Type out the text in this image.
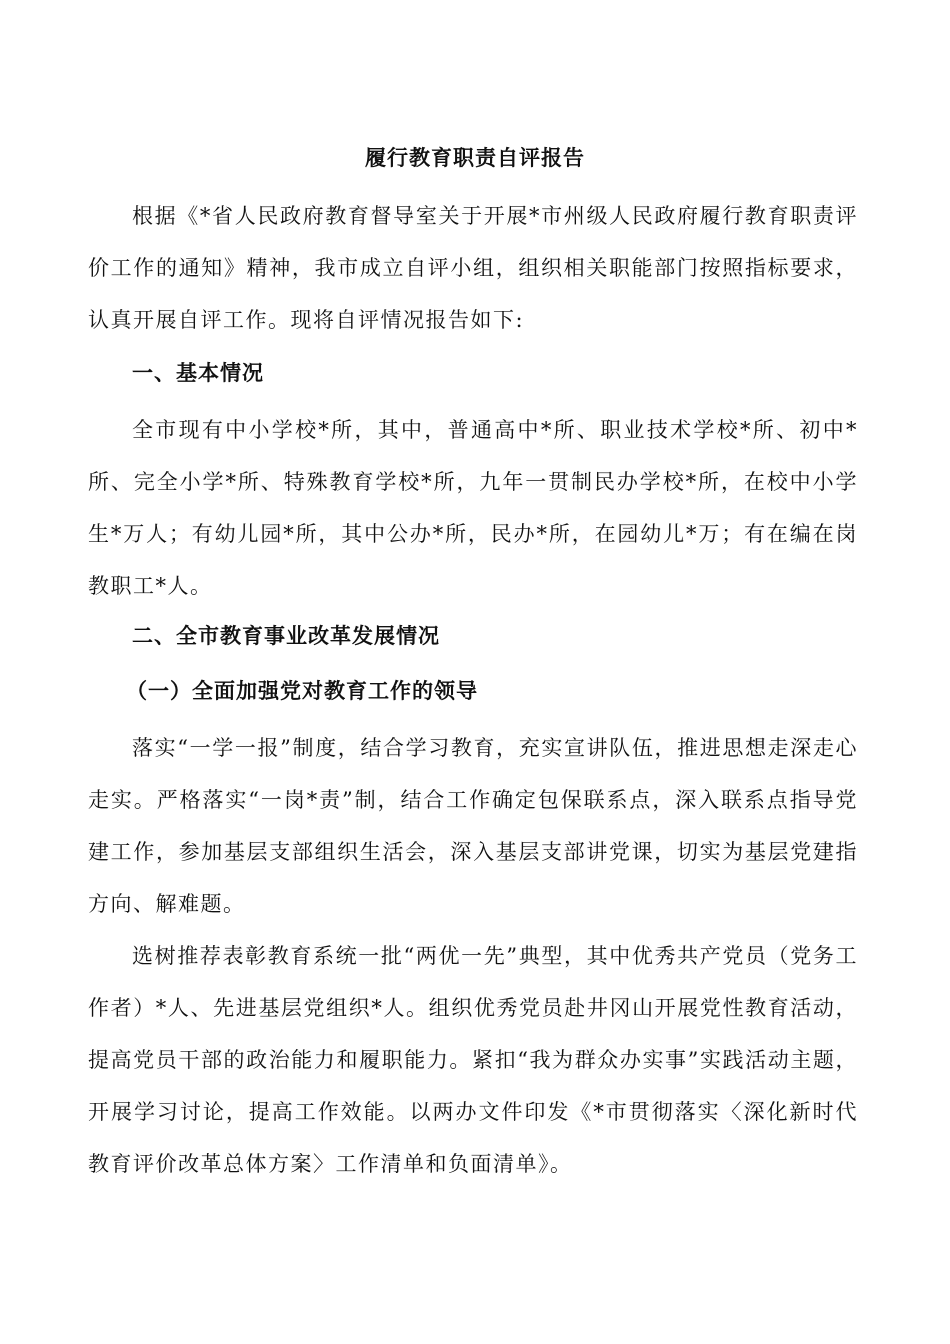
履行教育职责自评报告

根据《*省人民政府教育督导室关于开展*市州级人民政府履行教育职责评价工作的通知》精神，我市成立自评小组，组织相关职能部门按照指标要求，认真开展自评工作。现将自评情况报告如下:

一、基本情况

全市现有中小学校*所，其中，普通高中*所、职业技术学校*所、初中*所、完全小学*所、特殊教育学校*所，九年一贯制民办学校*所，在校中小学生*万人；有幼儿园*所，其中公办*所，民办*所，在园幼儿*万；有在编在岗教职工*人。

二、全市教育事业改革发展情况
（一）全面加强党对教育工作的领导

落实“一学一报”制度，结合学习教育，充实宣讲队伍，推进思想走深走心走实。严格落实“一岗*责”制，结合工作确定包保联系点，深入联系点指导党建工作，参加基层支部组织生活会，深入基层支部讲党课，切实为基层党建指方向、解难题。

选树推荐表彰教育系统一批“两优一先”典型，其中优秀共产党员（党务工作者）*人、先进基层党组织*人。组织优秀党员赴井冈山开展党性教育活动，提高党员干部的政治能力和履职能力。紧扣“我为群众办实事”实践活动主题，开展学习讨论，提高工作效能。以两办文件印发《*市贯彻落实〈深化新时代教育评价改革总体方案〉工作清单和负面清单》。
